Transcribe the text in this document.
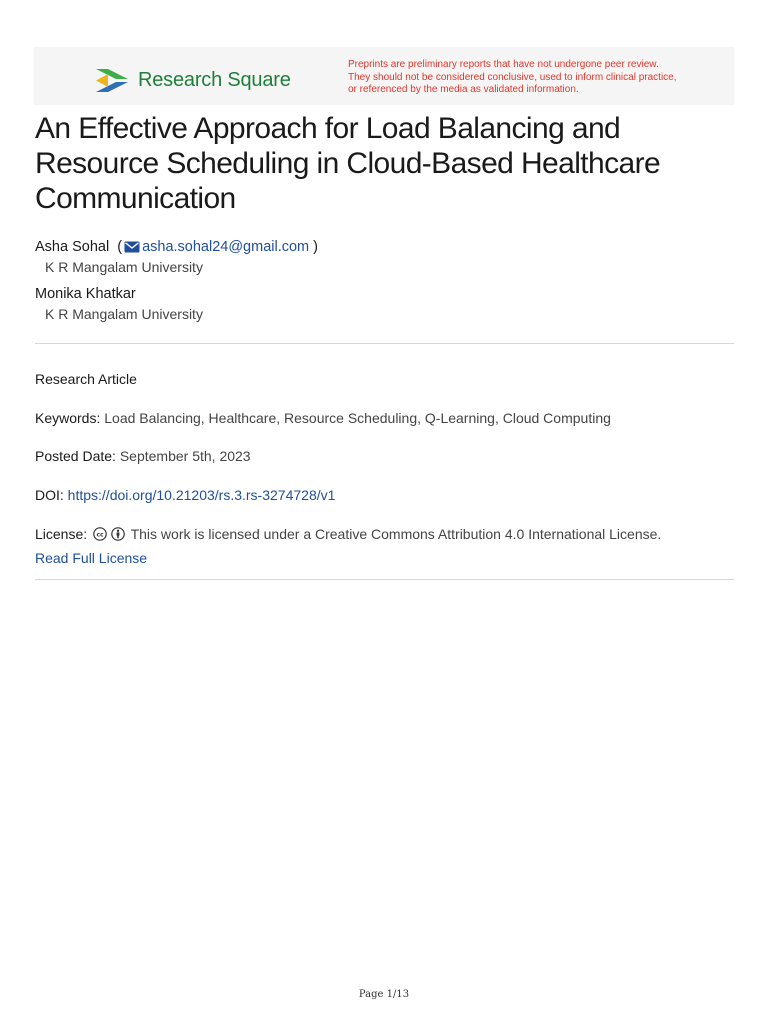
Research Square
Preprints are preliminary reports that have not undergone peer review.
They should not be considered conclusive, used to inform clinical practice,
or referenced by the media as validated information.
An Effective Approach for Load Balancing and
Resource Scheduling in Cloud-Based Healthcare
Communication
Asha Sohal ( asha.sohal24@gmail.com )
K R Mangalam University
Monika Khatkar
K R Mangalam University
Research Article
Keywords: Load Balancing, Healthcare, Resource Scheduling, Q-Learning, Cloud Computing
Posted Date: September 5th, 2023
DOI: https://doi.org/10.21203/rs.3.rs-3274728/v1
License: cc This work is licensed under a Creative Commons Attribution 4.0 International License.
Read Full License
Page 1/13
